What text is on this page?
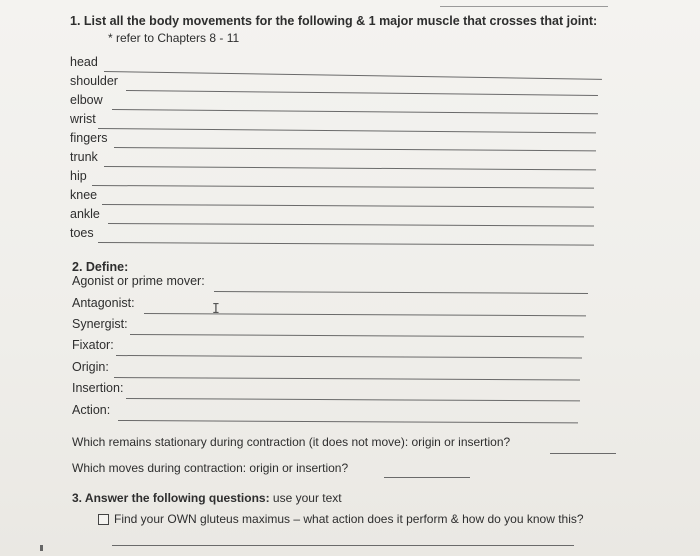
1. List all the body movements for the following & 1 major muscle that crosses that joint:
* refer to Chapters 8 - 11
head
shoulder
elbow
wrist
fingers
trunk
hip
knee
ankle
toes
2. Define:
Agonist or prime mover:
Antagonist:	I
Synergist:
Fixator:
Origin:
Insertion:
Action:
Which remains stationary during contraction (it does not move): origin or insertion?
Which moves during contraction: origin or insertion?
3. Answer the following questions: use your text
Find your OWN gluteus maximus – what action does it perform & how do you know this?
